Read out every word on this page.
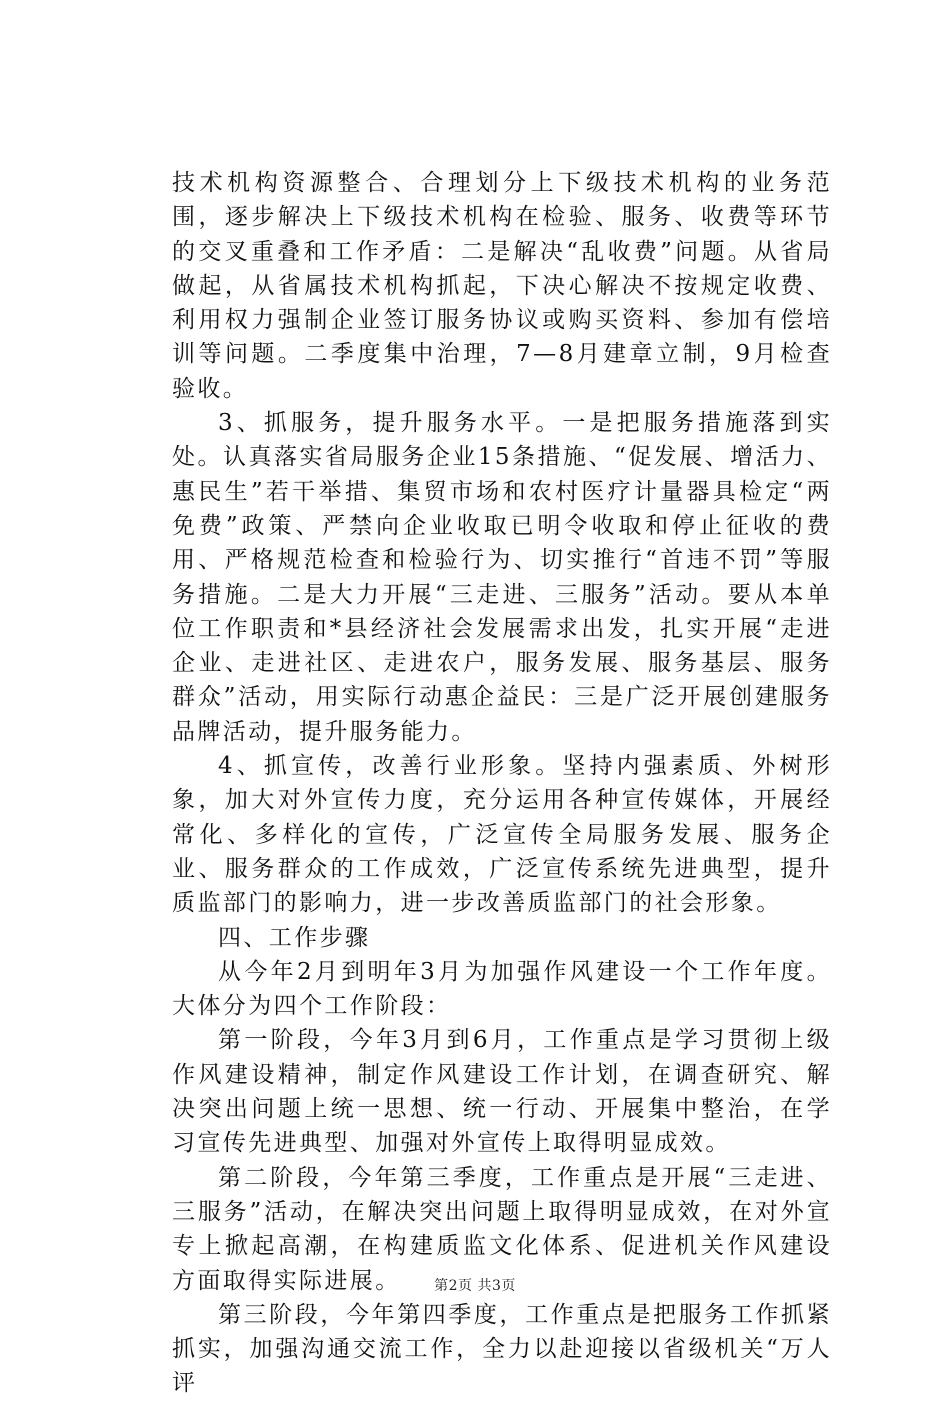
技术机构资源整合、合理划分上下级技术机构的业务范围，逐步解决上下级技术机构在检验、服务、收费等环节的交叉重叠和工作矛盾：二是解决“乱收费”问题。从省局做起，从省属技术机构抓起，下决心解决不按规定收费、利用权力强制企业签订服务协议或购买资料、参加有偿培训等问题。二季度集中治理，7—8月建章立制，9月检查验收。

3、抓服务，提升服务水平。一是把服务措施落到实处。认真落实省局服务企业15条措施、“促发展、增活力、惠民生”若干举措、集贸市场和农村医疗计量器具检定“两免费”政策、严禁向企业收取已明令收取和停止征收的费用、严格规范检查和检验行为、切实推行“首违不罚”等服务措施。二是大力开展“三走进、三服务”活动。要从本单位工作职责和*县经济社会发展需求出发，扎实开展“走进企业、走进社区、走进农户，服务发展、服务基层、服务群众”活动，用实际行动惠企益民：三是广泛开展创建服务品牌活动，提升服务能力。

4、抓宣传，改善行业形象。坚持内强素质、外树形象，加大对外宣传力度，充分运用各种宣传媒体，开展经常化、多样化的宣传，广泛宣传全局服务发展、服务企业、服务群众的工作成效，广泛宣传系统先进典型，提升质监部门的影响力，进一步改善质监部门的社会形象。

四、工作步骤

从今年2月到明年3月为加强作风建设一个工作年度。大体分为四个工作阶段：

第一阶段，今年3月到6月，工作重点是学习贯彻上级作风建设精神，制定作风建设工作计划，在调查研究、解决突出问题上统一思想、统一行动、开展集中整治，在学习宣传先进典型、加强对外宣传上取得明显成效。

第二阶段，今年第三季度，工作重点是开展“三走进、三服务”活动，在解决突出问题上取得明显成效，在对外宣专上掀起高潮，在构建质监文化体系、促进机关作风建设方面取得实际进展。

第三阶段，今年第四季度，工作重点是把服务工作抓紧抓实，加强沟通交流工作，全力以赴迎接以省级机关“万人评

第2页 共3页
